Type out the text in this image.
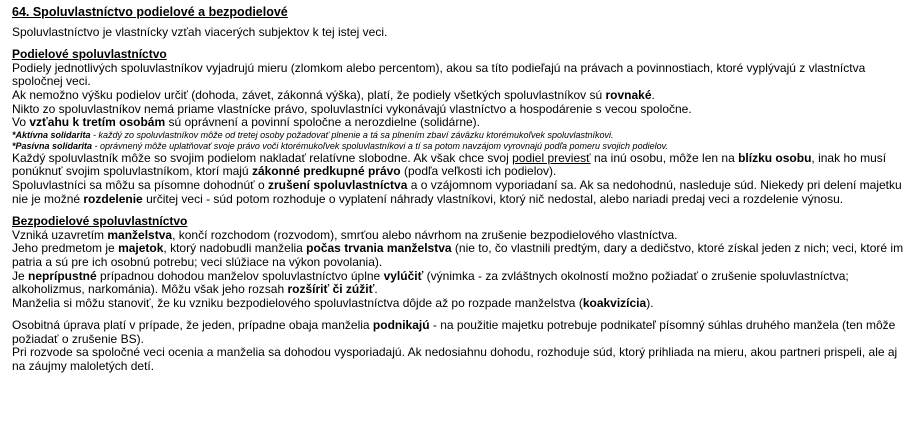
64. Spoluvlastníctvo podielové a bezpodielové

Spoluvlastníctvo je vlastnícky vzťah viacerých subjektov k tej istej veci.

Podielové spoluvlastníctvo

Podiely jednotlivých spoluvlastníkov vyjadrujú mieru (zlomkom alebo percentom), akou sa títo podieľajú na právach a povinnostiach, ktoré vyplývajú z vlastníctva spoločnej veci.

Ak nemožno výšku podielov určiť (dohoda, závet, zákonná výška), platí, že podiely všetkých spoluvlastníkov sú rovnaké.

Nikto zo spoluvlastníkov nemá priame vlastnícke právo, spoluvlastníci vykonávajú vlastníctvo a hospodárenie s vecou spoločne.

Vo vzťahu k tretím osobám sú oprávnení a povinní spoločne a nerozdielne (solidárne).

*Aktívna solidarita - každý zo spoluvlastníkov môže od tretej osoby požadovať plnenie a tá sa plnením zbaví záväzku ktorémukoľvek spoluvlastníkovi.

*Pasívna solidarita - oprávnený môže uplatňovať svoje právo voči ktorémukoľvek spoluvlastníkovi a tí sa potom navzájom vyrovnajú podľa pomeru svojich podielov.

Každý spoluvlastník môže so svojim podielom nakladať relatívne slobodne. Ak však chce svoj podiel previesť na inú osobu, môže len na blízku osobu, inak ho musí ponúknuť svojim spoluvlastníkom, ktorí majú zákonné predkupné právo (podľa veľkosti ich podielov).

Spoluvlastníci sa môžu sa písomne dohodnúť o zrušení spoluvlastníctva a o vzájomnom vyporiadaní sa. Ak sa nedohodnú, nasleduje súd. Niekedy pri delení majetku nie je možné rozdelenie určitej veci - súd potom rozhoduje o vyplatení náhrady vlastníkovi, ktorý nič nedostal, alebo nariadi predaj veci a rozdelenie výnosu.

Bezpodielové spoluvlastníctvo

Vzniká uzavretím manželstva, končí rozchodom (rozvodom), smrťou alebo návrhom na zrušenie bezpodielového vlastníctva.

Jeho predmetom je majetok, ktorý nadobudli manželia počas trvania manželstva (nie to, čo vlastnili predtým, dary a dedičstvo, ktoré získal jeden z nich; veci, ktoré im patria a sú pre ich osobnú potrebu; veci slúžiace na výkon povolania).

Je neprípustné prípadnou dohodou manželov spoluvlastníctvo úplne vylúčiť (výnimka - za zvláštnych okolností možno požiadať o zrušenie spoluvlastníctva; alkoholizmus, narkománia). Môžu však jeho rozsah rozšíriť či zúžiť.

Manželia si môžu stanoviť, že ku vzniku bezpodielového spoluvlastníctva dôjde až po rozpade manželstva (koakvizícia).

Osobitná úprava platí v prípade, že jeden, prípadne obaja manželia podnikajú - na použitie majetku potrebuje podnikateľ písomný súhlas druhého manžela (ten môže požiadať o zrušenie BS).

Pri rozvode sa spoločné veci ocenia a manželia sa dohodou vysporiadajú. Ak nedosiahnu dohodu, rozhoduje súd, ktorý prihliada na mieru, akou partneri prispeli, ale aj na záujmy maloletých detí.
